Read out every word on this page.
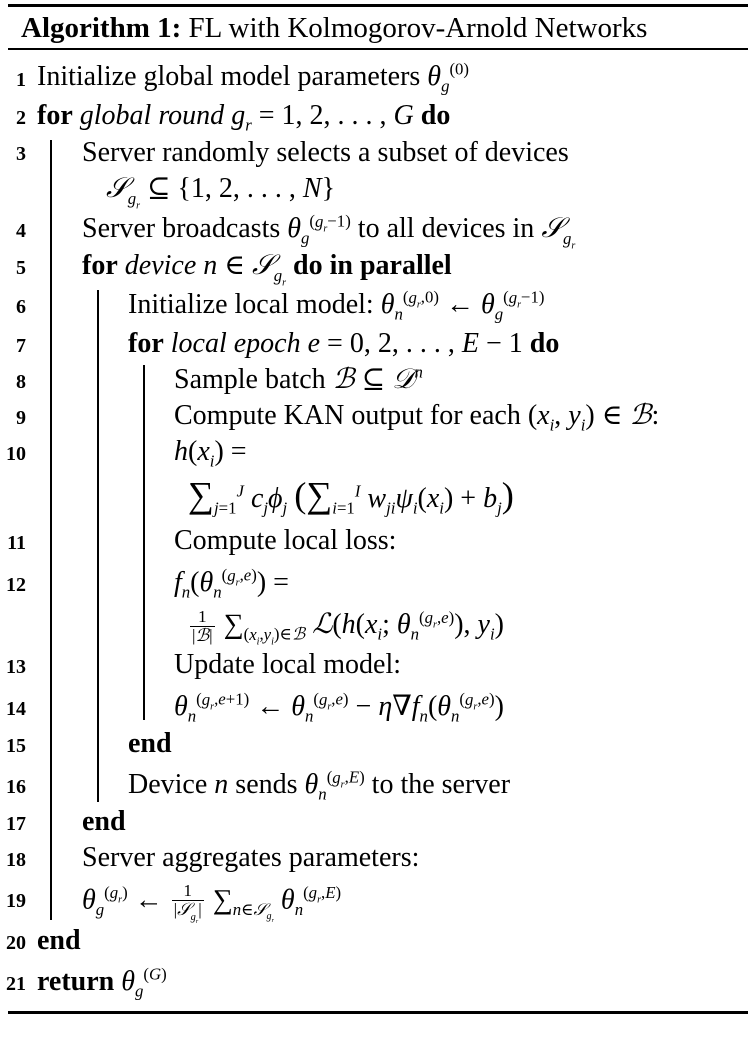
Algorithm 1: FL with Kolmogorov-Arnold Networks
1
2
3
4
5
6
7
8
9
10
11
12
13
14
15
16
17
18
19
20
21
Initialize global model parameters $\theta_g^{(0)}$
for global round $g_r = 1$, 2, . . . , G do
Server randomly selects a subset of devices
𝒮$_{g_r}$ ⊆ {1, 2, . . . , N}
Server broadcasts $\theta_g^{(g_r-1)}$ to all devices in 𝒮$_{g_r}$
for device n ∈ 𝒮$_{g_r}$ do in parallel
Initialize local model: $\theta_n^{(g_r,0)}$ ← $\theta_g^{(g_r-1)}$
for local epoch e = 0, 2, . . . , E − 1 do
Sample batch ℬ ⊆ 𝒟$^n$
Compute KAN output for each ($x_i$, $y_i$) ∈ ℬ:
$h(x_i)$ =
$\sum_{j=1}^J$ $c_j\phi_j$ ($\sum_{i=1}^I$ $w_{ji}\psi_i(x_i) + b_j$)
Compute local loss:
$f_n(\theta_n^{(g_r,e)})$ =
$\frac{1}{\text{|ℬ|}} \sum_{(x_i,y_i)\in ℬ}$ $ℒ(h(x_i$; $\theta_n^{(g_r,e)}$), $y_i$)
Update local model:
$\theta_n^{(g_r,e+1)}$ ← $\theta_n^{(g_r,e)} - \eta\nabla f_n(\theta_n^{(g_r,e)})$
end
Device n sends $\theta_n^{(g_r,E)}$ to the server
end
Server aggregates parameters:
$\theta_g^{(g_r)}$ ← $\frac{1}{|𝒮_{g_r}|} \sum_{n\in 𝒮_{g_r}}$ $\theta_n^{(g_r,E)}$
end
return $\theta_g^{(G)}$
